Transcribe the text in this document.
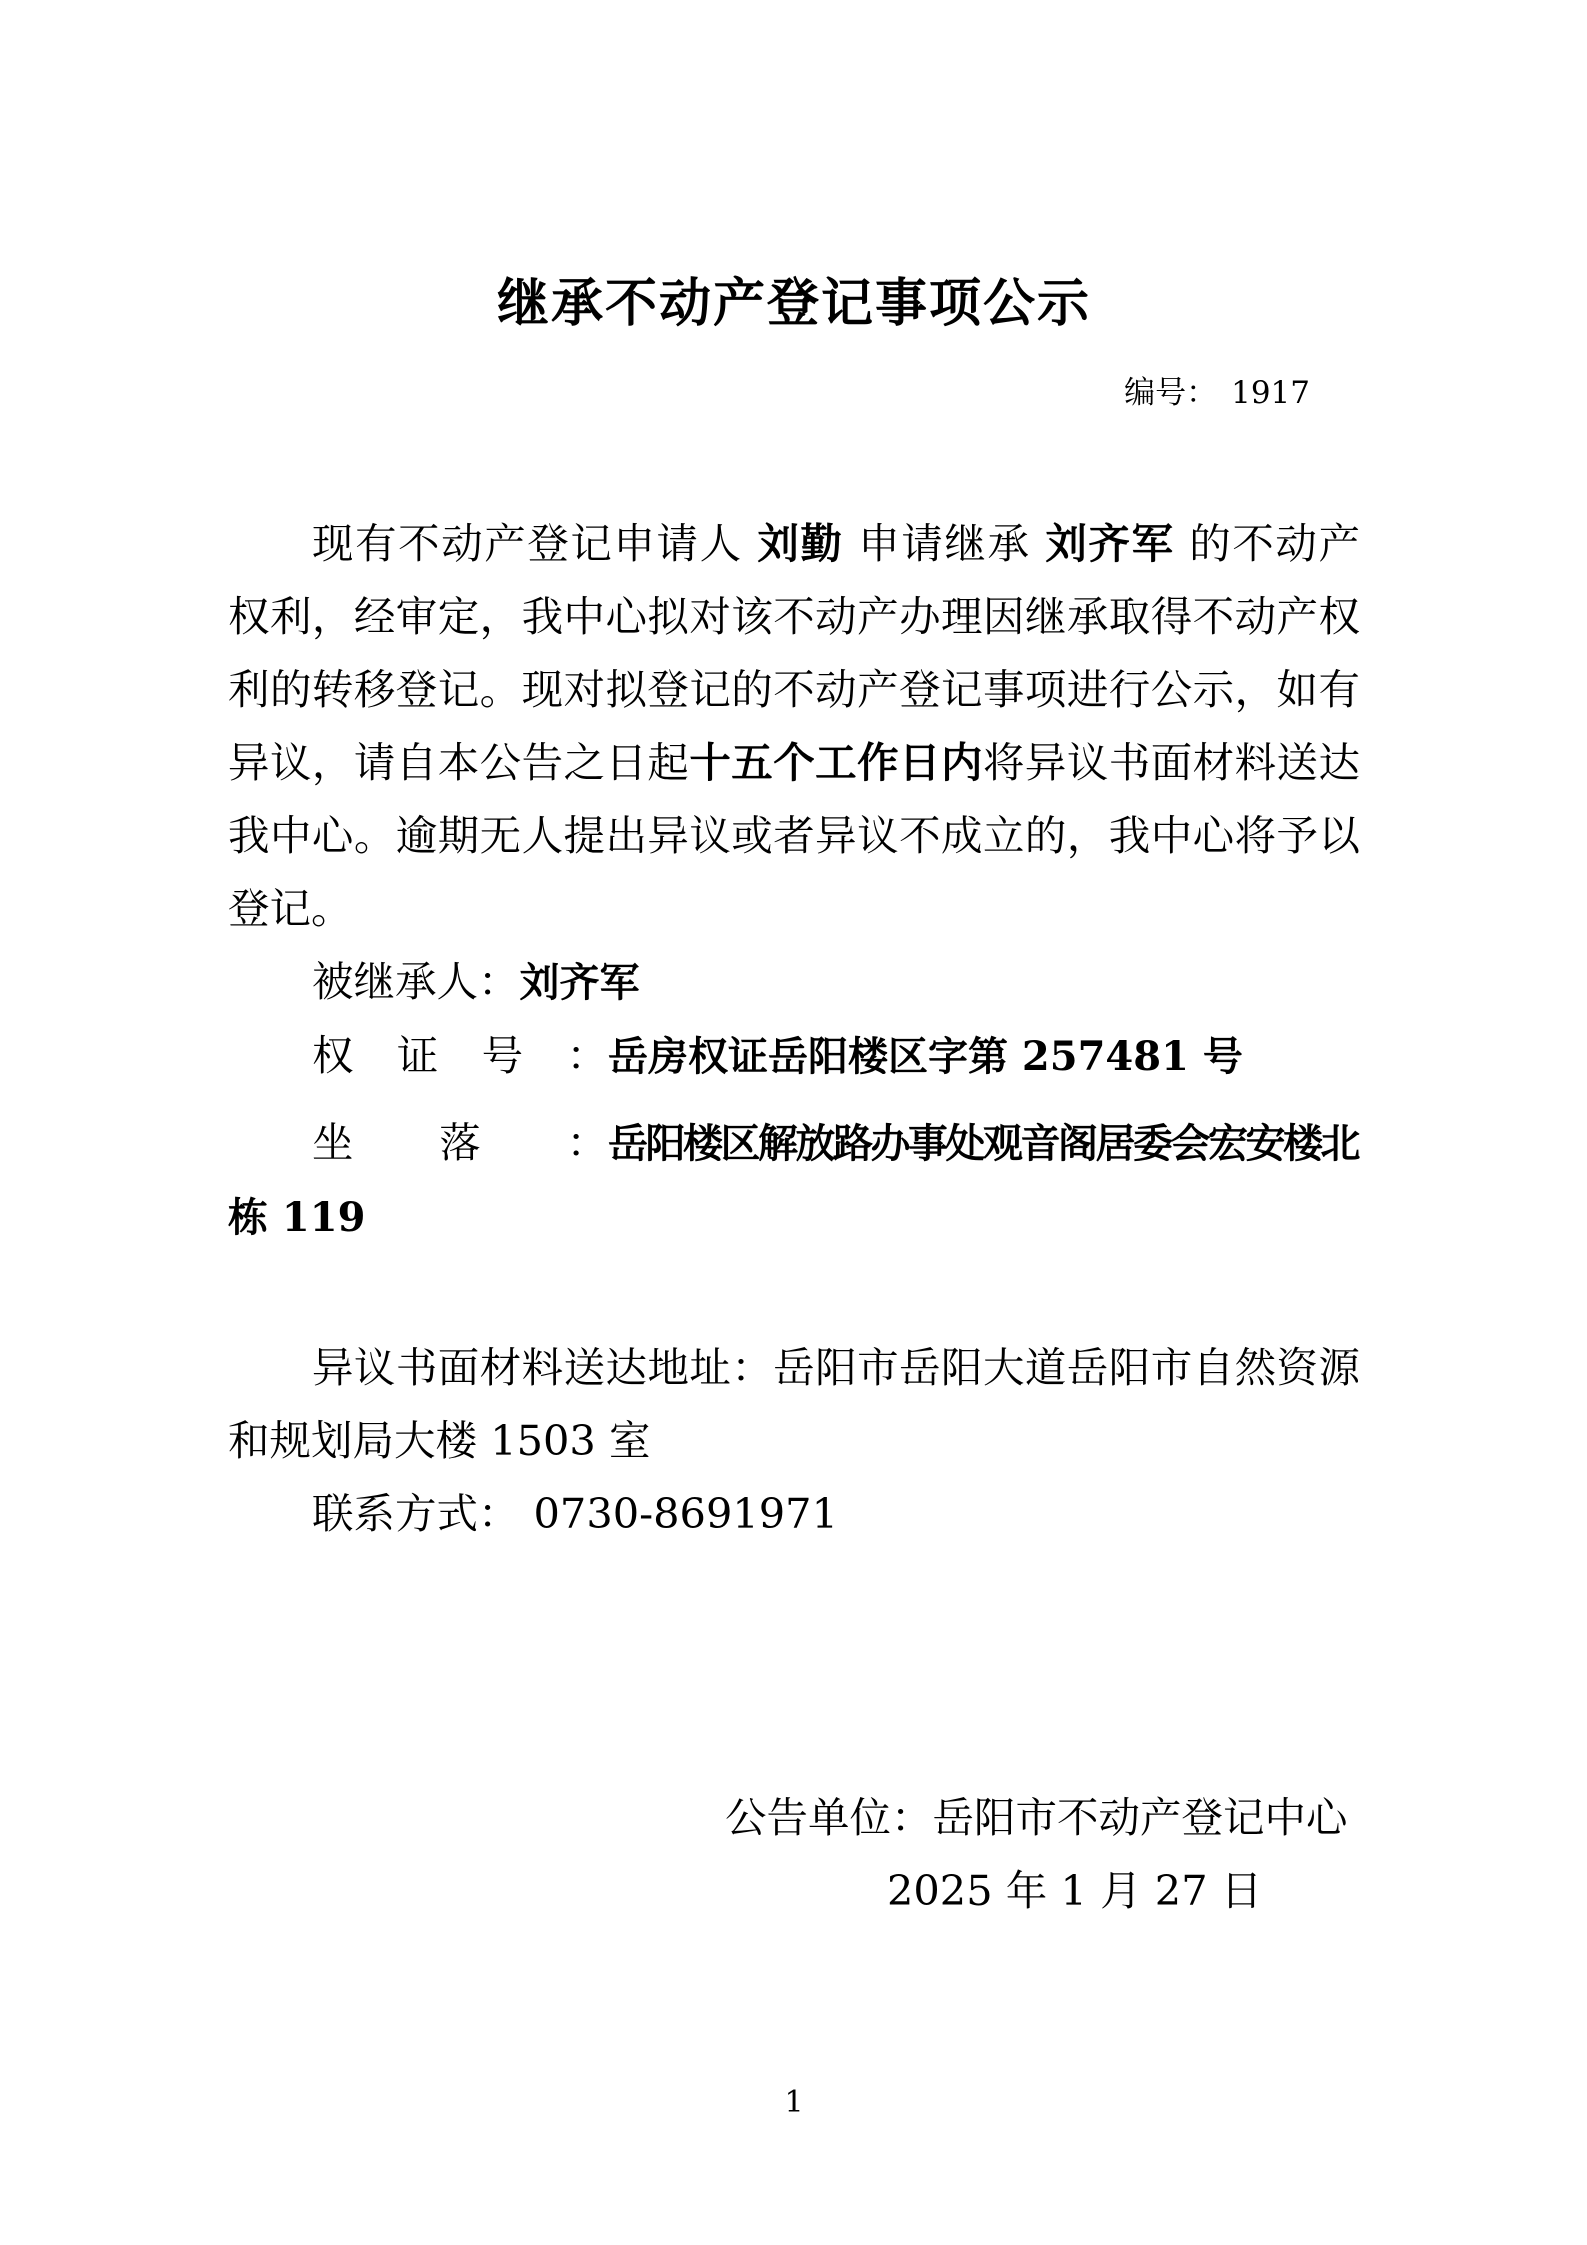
继承不动产登记事项公示
编号： 1917
现有不动产登记申请人 刘勤 申请继承 刘齐军 的不动产
权利，经审定，我中心拟对该不动产办理因继承取得不动产权
利的转移登记。现对拟登记的不动产登记事项进行公示，如有
异议，请自本公告之日起十五个工作日内将异议书面材料送达
我中心。逾期无人提出异议或者异议不成立的，我中心将予以
登记。
被继承人：刘齐军
权证号：岳房权证岳阳楼区字第 257481 号
坐落：岳阳楼区解放路办事处观音阁居委会宏安楼北
栋 119
异议书面材料送达地址：岳阳市岳阳大道岳阳市自然资源
和规划局大楼 1503 室
联系方式： 0730-8691971
公告单位：岳阳市不动产登记中心
2025 年 1 月 27 日
1
